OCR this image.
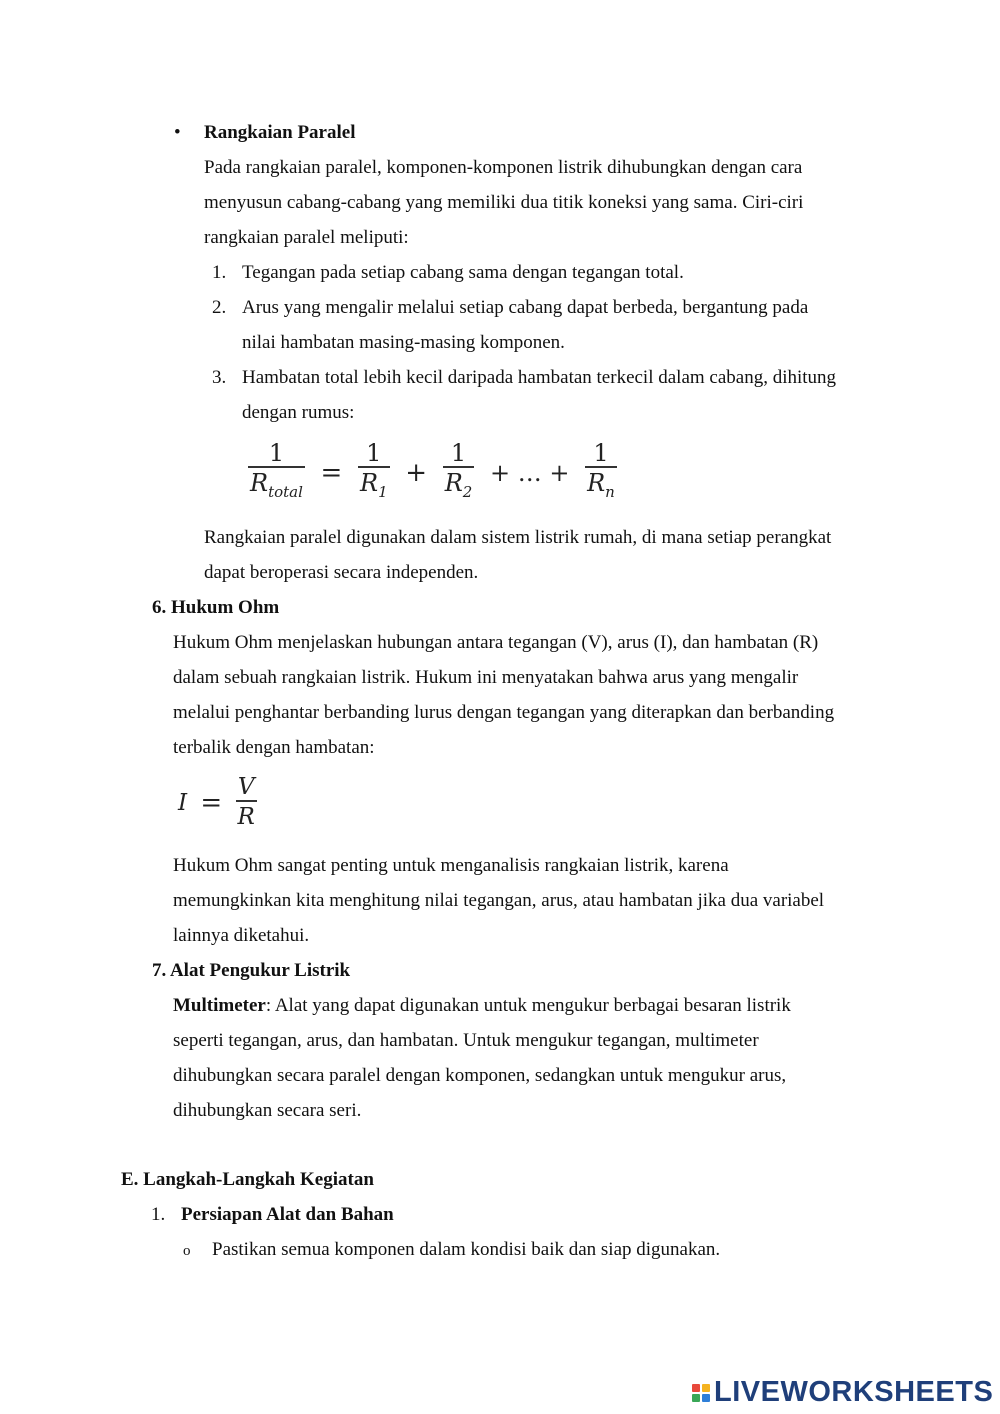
• Rangkaian Paralel
Pada rangkaian paralel, komponen-komponen listrik dihubungkan dengan cara
menyusun cabang-cabang yang memiliki dua titik koneksi yang sama. Ciri-ciri
rangkaian paralel meliputi:
1. Tegangan pada setiap cabang sama dengan tegangan total.
2. Arus yang mengalir melalui setiap cabang dapat berbeda, bergantung pada
nilai hambatan masing-masing komponen.
3. Hambatan total lebih kecil daripada hambatan terkecil dalam cabang, dihitung
dengan rumus:
$\frac{1}{R_{total}} = \frac{1}{R_1} + \frac{1}{R_2}$ + … + $\frac{1}{R_n}$
Rangkaian paralel digunakan dalam sistem listrik rumah, di mana setiap perangkat
dapat beroperasi secara independen.
6. Hukum Ohm
Hukum Ohm menjelaskan hubungan antara tegangan (V), arus (I), dan hambatan (R)
dalam sebuah rangkaian listrik. Hukum ini menyatakan bahwa arus yang mengalir
melalui penghantar berbanding lurus dengan tegangan yang diterapkan dan berbanding
terbalik dengan hambatan:
$I = \frac{V}{R}$
Hukum Ohm sangat penting untuk menganalisis rangkaian listrik, karena
memungkinkan kita menghitung nilai tegangan, arus, atau hambatan jika dua variabel
lainnya diketahui.
7. Alat Pengukur Listrik
Multimeter: Alat yang dapat digunakan untuk mengukur berbagai besaran listrik
seperti tegangan, arus, dan hambatan. Untuk mengukur tegangan, multimeter
dihubungkan secara paralel dengan komponen, sedangkan untuk mengukur arus,
dihubungkan secara seri.
E. Langkah-Langkah Kegiatan
1. Persiapan Alat dan Bahan
o Pastikan semua komponen dalam kondisi baik dan siap digunakan.
LIVEWORKSHEETS
